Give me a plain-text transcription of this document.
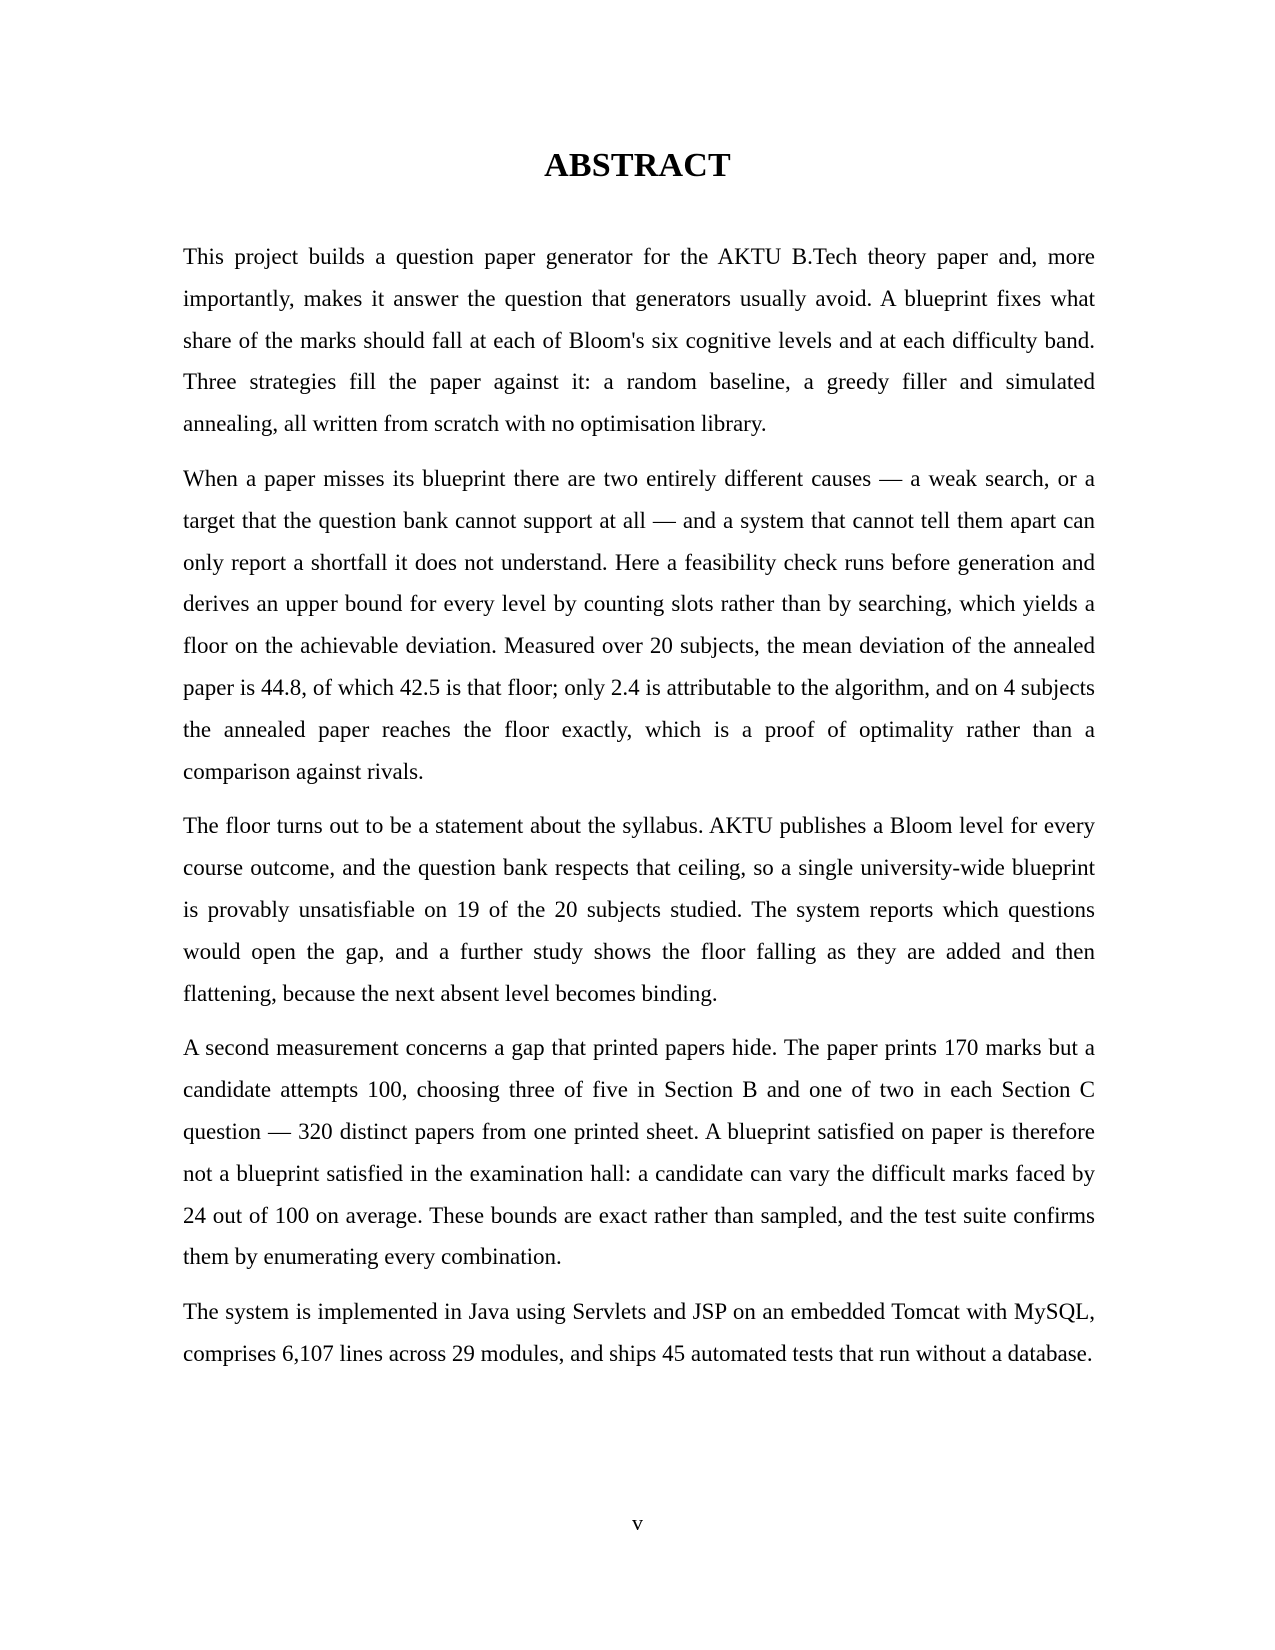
ABSTRACT

This project builds a question paper generator for the AKTU B.Tech theory paper and, more importantly, makes it answer the question that generators usually avoid. A blueprint fixes what share of the marks should fall at each of Bloom's six cognitive levels and at each difficulty band. Three strategies fill the paper against it: a random baseline, a greedy filler and simulated annealing, all written from scratch with no optimisation library.

When a paper misses its blueprint there are two entirely different causes — a weak search, or a target that the question bank cannot support at all — and a system that cannot tell them apart can only report a shortfall it does not understand. Here a feasibility check runs before generation and derives an upper bound for every level by counting slots rather than by searching, which yields a floor on the achievable deviation. Measured over 20 subjects, the mean deviation of the annealed paper is 44.8, of which 42.5 is that floor; only 2.4 is attributable to the algorithm, and on 4 subjects the annealed paper reaches the floor exactly, which is a proof of optimality rather than a comparison against rivals.

The floor turns out to be a statement about the syllabus. AKTU publishes a Bloom level for every course outcome, and the question bank respects that ceiling, so a single university-wide blueprint is provably unsatisfiable on 19 of the 20 subjects studied. The system reports which questions would open the gap, and a further study shows the floor falling as they are added and then flattening, because the next absent level becomes binding.

A second measurement concerns a gap that printed papers hide. The paper prints 170 marks but a candidate attempts 100, choosing three of five in Section B and one of two in each Section C question — 320 distinct papers from one printed sheet. A blueprint satisfied on paper is therefore not a blueprint satisfied in the examination hall: a candidate can vary the difficult marks faced by 24 out of 100 on average. These bounds are exact rather than sampled, and the test suite confirms them by enumerating every combination.

The system is implemented in Java using Servlets and JSP on an embedded Tomcat with MySQL, comprises 6,107 lines across 29 modules, and ships 45 automated tests that run without a database.

v
